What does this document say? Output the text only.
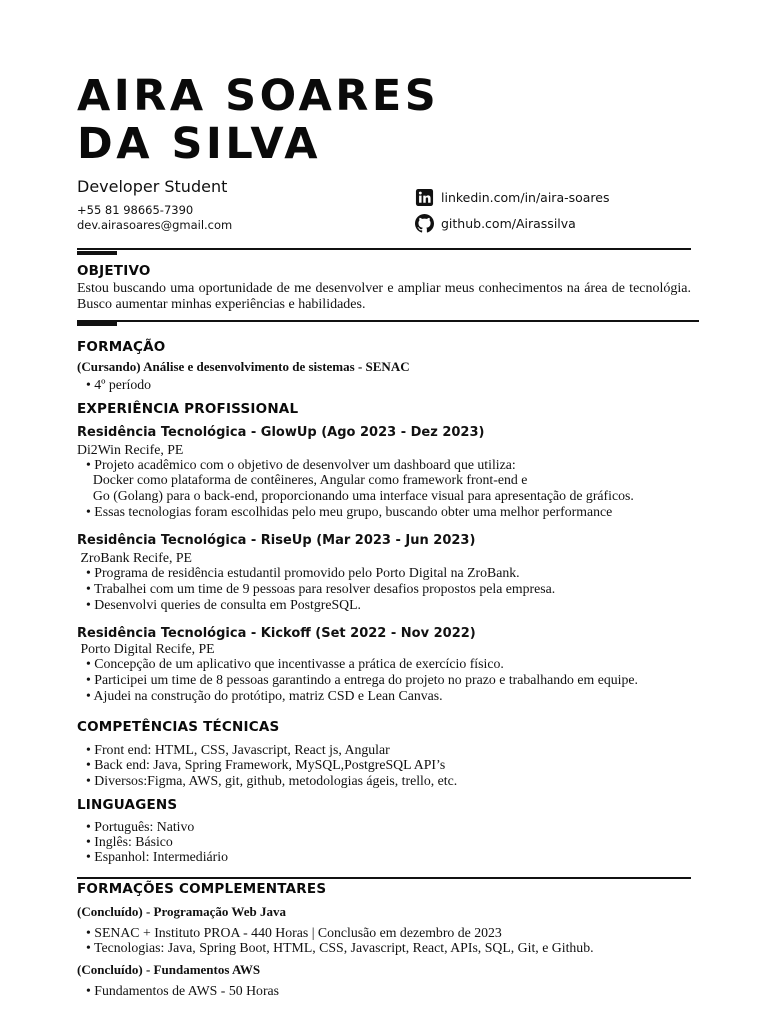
AIRA SOARES
DA SILVA
Developer Student
+55 81 98665-7390
dev.airasoares@gmail.com
linkedin.com/in/aira-soares
github.com/Airassilva
OBJETIVO
Estou buscando uma oportunidade de me desenvolver e ampliar meus conhecimentos na área de tecnológia. Busco aumentar minhas experiências e habilidades.
FORMAÇÃO
(Cursando) Análise e desenvolvimento de sistemas - SENAC
• 4º período
EXPERIÊNCIA PROFISSIONAL
Residência Tecnológica - GlowUp (Ago 2023 - Dez 2023)
Di2Win Recife, PE
• Projeto acadêmico com o objetivo de desenvolver um dashboard que utiliza:
Docker como plataforma de contêineres, Angular como framework front-end e
Go (Golang) para o back-end, proporcionando uma interface visual para apresentação de gráficos.
• Essas tecnologias foram escolhidas pelo meu grupo, buscando obter uma melhor performance
Residência Tecnológica - RiseUp (Mar 2023 - Jun 2023)
ZroBank Recife, PE
• Programa de residência estudantil promovido pelo Porto Digital na ZroBank.
• Trabalhei com um time de 9 pessoas para resolver desafios propostos pela empresa.
• Desenvolvi queries de consulta em PostgreSQL.
Residência Tecnológica - Kickoff (Set 2022 - Nov 2022)
Porto Digital Recife, PE
• Concepção de um aplicativo que incentivasse a prática de exercício físico.
• Participei um time de 8 pessoas garantindo a entrega do projeto no prazo e trabalhando em equipe.
• Ajudei na construção do protótipo, matriz CSD e Lean Canvas.
COMPETÊNCIAS TÉCNICAS
• Front end: HTML, CSS, Javascript, React js, Angular
• Back end: Java, Spring Framework, MySQL,PostgreSQL API’s
• Diversos:Figma, AWS, git, github, metodologias ágeis, trello, etc.
LINGUAGENS
• Português: Nativo
• Inglês: Básico
• Espanhol: Intermediário
FORMAÇÕES COMPLEMENTARES
(Concluído) - Programação Web Java
• SENAC + Instituto PROA - 440 Horas | Conclusão em dezembro de 2023
• Tecnologias: Java, Spring Boot, HTML, CSS, Javascript, React, APIs, SQL, Git, e Github.
(Concluído) - Fundamentos AWS
• Fundamentos de AWS - 50 Horas
